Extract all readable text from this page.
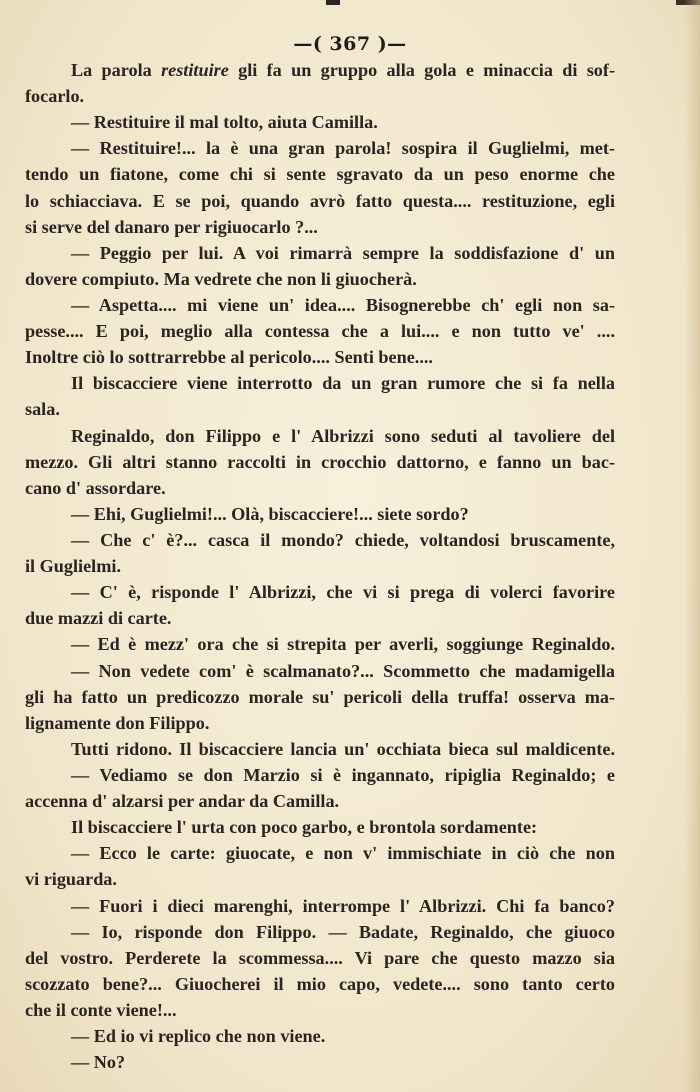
—( 367 )—
La parola restituire gli fa un gruppo alla gola e minaccia di sof-
focarlo.
— Restituire il mal tolto, aiuta Camilla.
— Restituire!... la è una gran parola! sospira il Guglielmi, met-
tendo un fiatone, come chi si sente sgravato da un peso enorme che
lo schiacciava. E se poi, quando avrò fatto questa.... restituzione, egli
si serve del danaro per rigiuocarlo ?...
— Peggio per lui. A voi rimarrà sempre la soddisfazione d' un
dovere compiuto. Ma vedrete che non li giuocherà.
— Aspetta.... mi viene un' idea.... Bisognerebbe ch' egli non sa-
pesse.... E poi, meglio alla contessa che a lui.... e non tutto ve' ....
Inoltre ciò lo sottrarrebbe al pericolo.... Senti bene....
Il biscacciere viene interrotto da un gran rumore che si fa nella
sala.
Reginaldo, don Filippo e l' Albrizzi sono seduti al tavoliere del
mezzo. Gli altri stanno raccolti in crocchio dattorno, e fanno un bac-
cano d' assordare.
— Ehi, Guglielmi!... Olà, biscacciere!... siete sordo?
— Che c' è?... casca il mondo? chiede, voltandosi bruscamente,
il Guglielmi.
— C' è, risponde l' Albrizzi, che vi si prega di volerci favorire
due mazzi di carte.
— Ed è mezz' ora che si strepita per averli, soggiunge Reginaldo.
— Non vedete com' è scalmanato?... Scommetto che madamigella
gli ha fatto un predicozzo morale su' pericoli della truffa! osserva ma-
lignamente don Filippo.
Tutti ridono. Il biscacciere lancia un' occhiata bieca sul maldicente.
— Vediamo se don Marzio si è ingannato, ripiglia Reginaldo; e
accenna d' alzarsi per andar da Camilla.
Il biscacciere l' urta con poco garbo, e brontola sordamente:
— Ecco le carte: giuocate, e non v' immischiate in ciò che non
vi riguarda.
— Fuori i dieci marenghi, interrompe l' Albrizzi. Chi fa banco?
— Io, risponde don Filippo. — Badate, Reginaldo, che giuoco
del vostro. Perderete la scommessa.... Vi pare che questo mazzo sia
scozzato bene?... Giuocherei il mio capo, vedete.... sono tanto certo
che il conte viene!...
— Ed io vi replico che non viene.
— No?
